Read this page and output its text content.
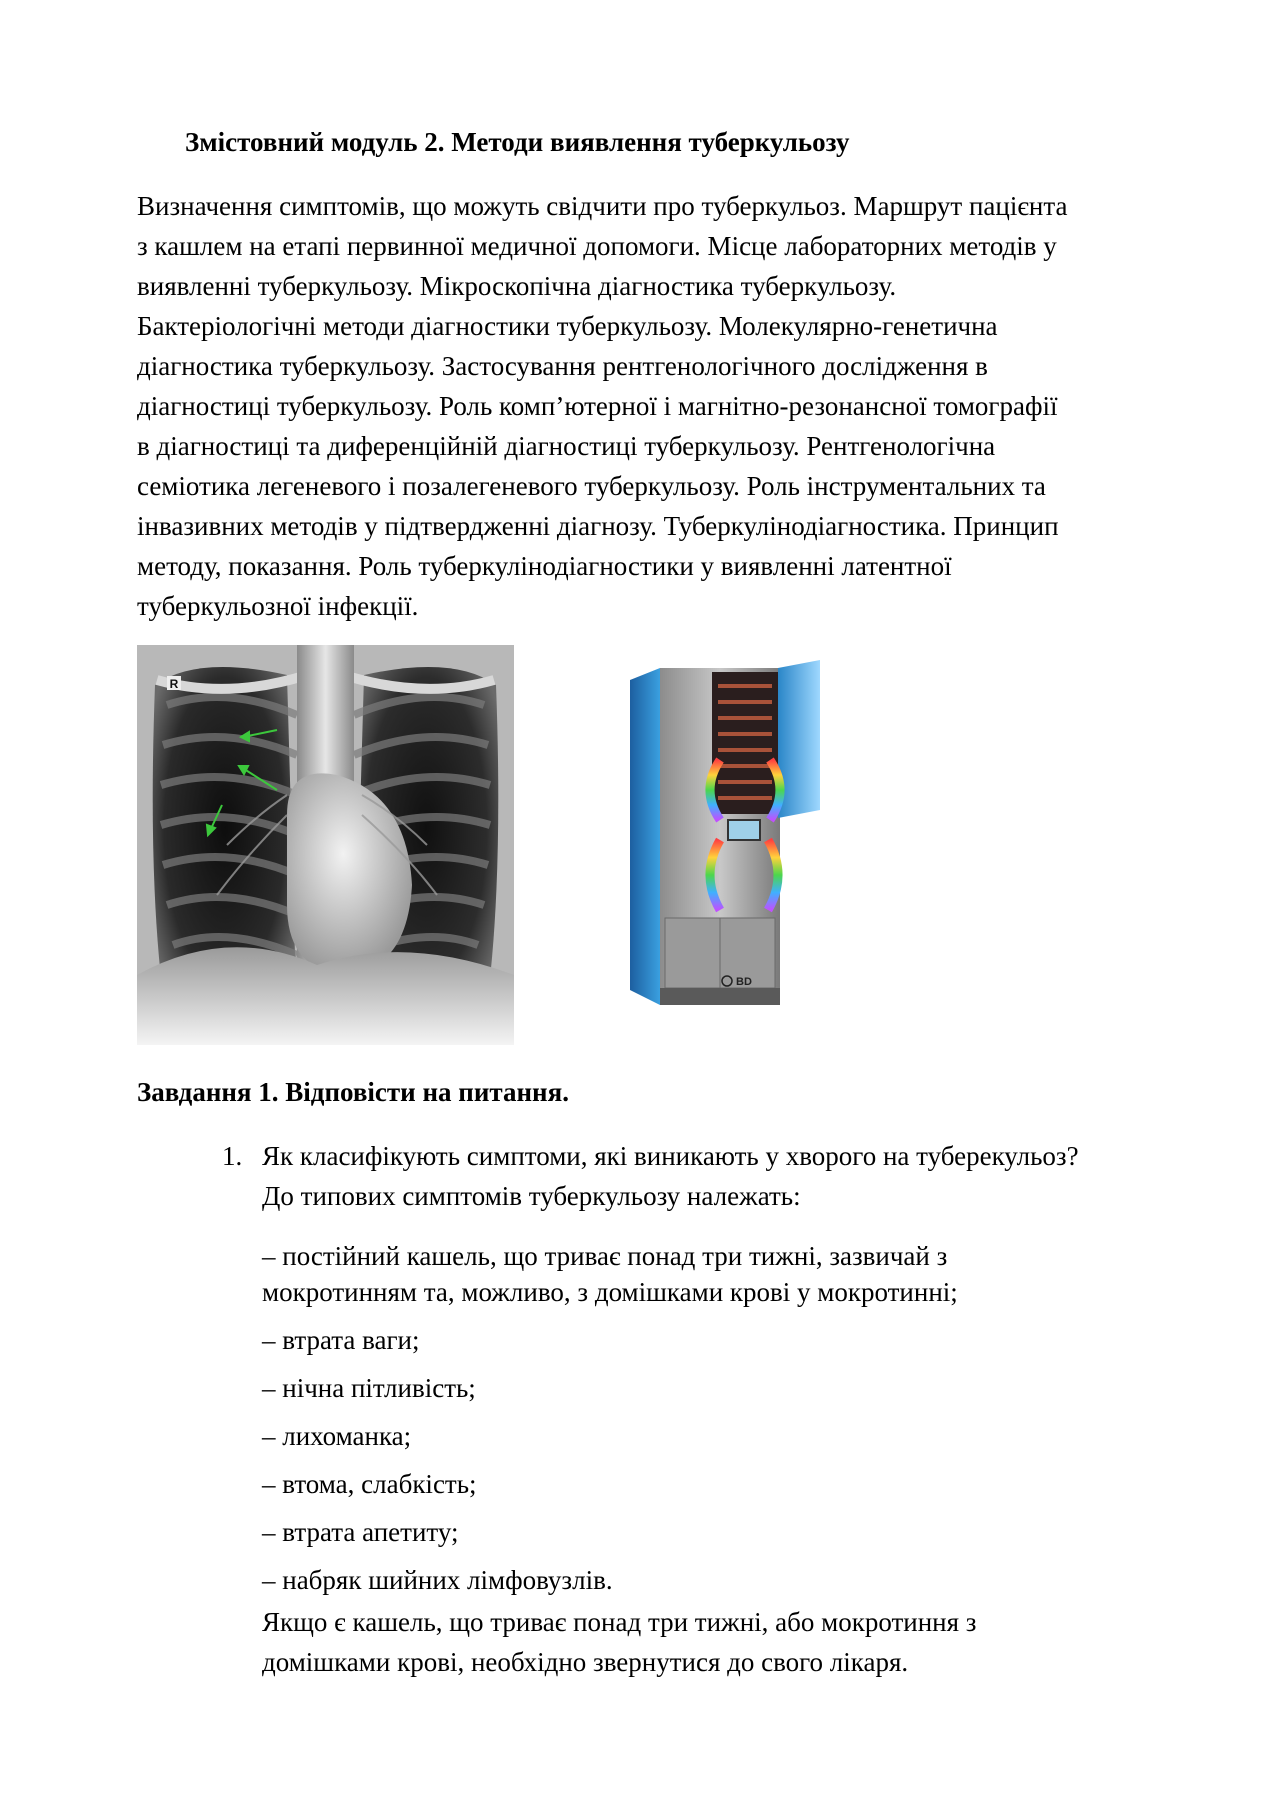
Змістовний модуль 2. Методи виявлення туберкульозу
Визначення симптомів, що можуть свідчити про туберкульоз. Маршрут пацієнта
з кашлем на етапі первинної медичної допомоги. Місце лабораторних методів у
виявленні туберкульозу. Мікроскопічна діагностика туберкульозу.
Бактеріологічні методи діагностики туберкульозу. Молекулярно-генетична
діагностика туберкульозу. Застосування рентгенологічного дослідження в
діагностиці туберкульозу. Роль комп’ютерної і магнітно-резонансної томографії
в діагностиці та диференційній діагностиці туберкульозу. Рентгенологічна
семіотика легеневого і позалегеневого туберкульозу. Роль інструментальних та
інвазивних методів у підтвердженні діагнозу. Туберкулінодіагностика. Принцип
методу, показання. Роль туберкулінодіагностики у виявленні латентної
туберкульозної інфекції.
R
BD
Завдання 1. Відповісти на питання.
1. Як класифікують симптоми, які виникають у хворого на туберекульоз?
До типових симптомів туберкульозу належать:
– постійний кашель, що триває понад три тижні, зазвичай з
мокротинням та, можливо, з домішками крові у мокротинні;
– втрата ваги;
– нічна пітливість;
– лихоманка;
– втома, слабкість;
– втрата апетиту;
– набряк шийних лімфовузлів.
Якщо є кашель, що триває понад три тижні, або мокротиння з
домішками крові, необхідно звернутися до свого лікаря.
